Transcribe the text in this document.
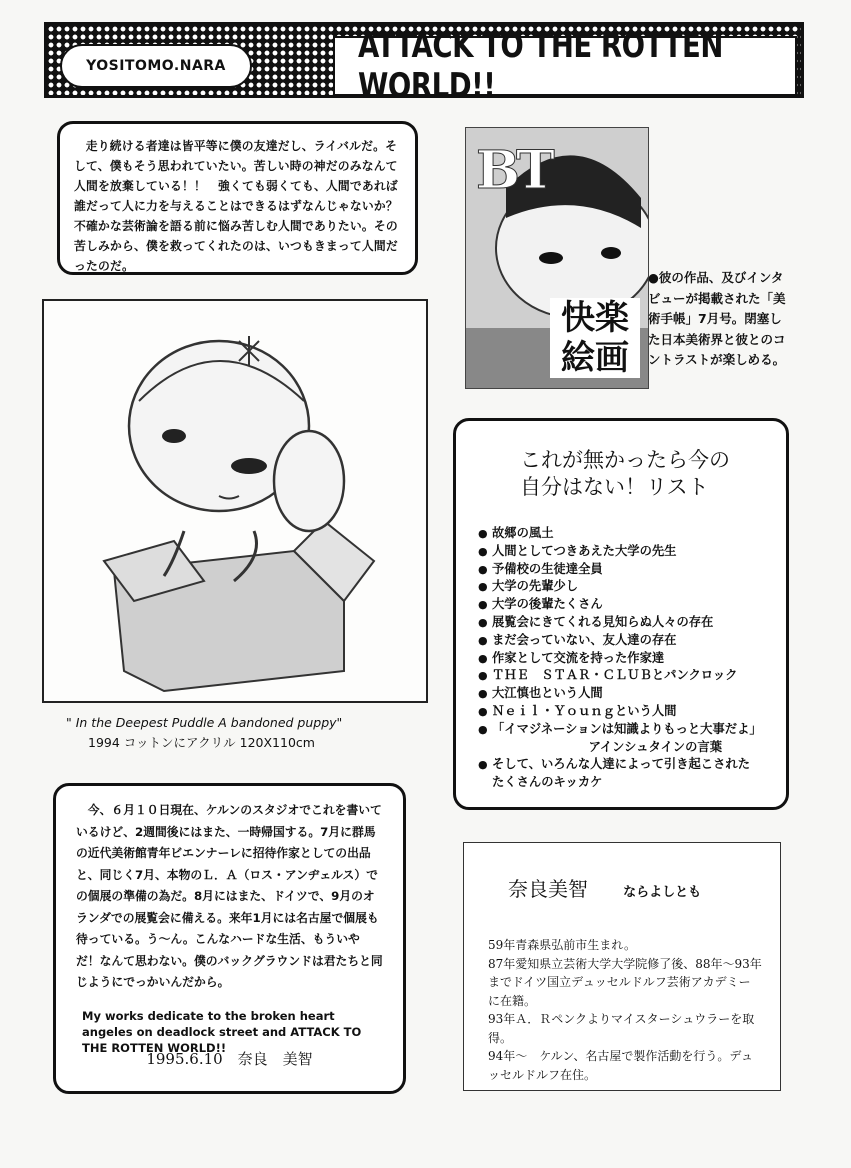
YOSITOMO.NARA	ATTACK TO THE ROTTEN WORLD!!
走り続ける者達は皆平等に僕の友達だし、ライバルだ。そして、僕もそう思われていたい。苦しい時の神だのみなんて人間を放棄している！！　強くても弱くても、人間であれば誰だって人に力を与えることはできるはずなんじゃないか？　不確かな芸術論を語る前に悩み苦しむ人間でありたい。その苦しみから、僕を救ってくれたのは、いつもきまって人間だったのだ。
BT
快楽絵画
●彼の作品、及びインタビューが掲載された「美術手帳」7月号。閉塞した日本美術界と彼とのコントラストが楽しめる。
" In the Deepest Puddle A bandoned puppy"
1994 コットンにアクリル 120X110cm
これが無かったら今の
自分はない！リスト
● 故郷の風土
● 人間としてつきあえた大学の先生
● 予備校の生徒達全員
● 大学の先輩少し
● 大学の後輩たくさん
● 展覧会にきてくれる見知らぬ人々の存在
● まだ会っていない、友人達の存在
● 作家として交流を持った作家達
● ＴＨＥ　ＳＴＡＲ・ＣＬＵＢとパンクロック
● 大江慎也という人間
● Ｎｅｉｌ・Ｙｏｕｎｇという人間
● 「イマジネーションは知識よりもっと大事だよ」
アインシュタインの言葉
● そして、いろんな人達によって引き起こされた
たくさんのキッカケ
今、６月１０日現在、ケルンのスタジオでこれを書いているけど、2週間後にはまた、一時帰国する。7月に群馬の近代美術館青年ビエンナーレに招待作家としての出品と、同じく7月、本物のＬ．Ａ（ロス・アンヂェルス）での個展の準備の為だ。8月にはまた、ドイツで、9月のオランダでの展覧会に備える。来年1月には名古屋で個展も待っている。う～ん。こんなハードな生活、もういやだ！なんて思わない。僕のバックグラウンドは君たちと同じようにでっかいんだから。
My works dedicate to the broken heart angeles on deadlock street and ATTACK TO THE ROTTEN WORLD!!
1995.6.10　奈良　美智
奈良美智	ならよしとも
59年青森県弘前市生まれ。
87年愛知県立芸術大学大学院修了後、88年～93年までドイツ国立デュッセルドルフ芸術アカデミーに在籍。
93年Ａ．Ｒペンクよりマイスターシュウラーを取得。
94年～　ケルン、名古屋で製作活動を行う。デュッセルドルフ在住。
